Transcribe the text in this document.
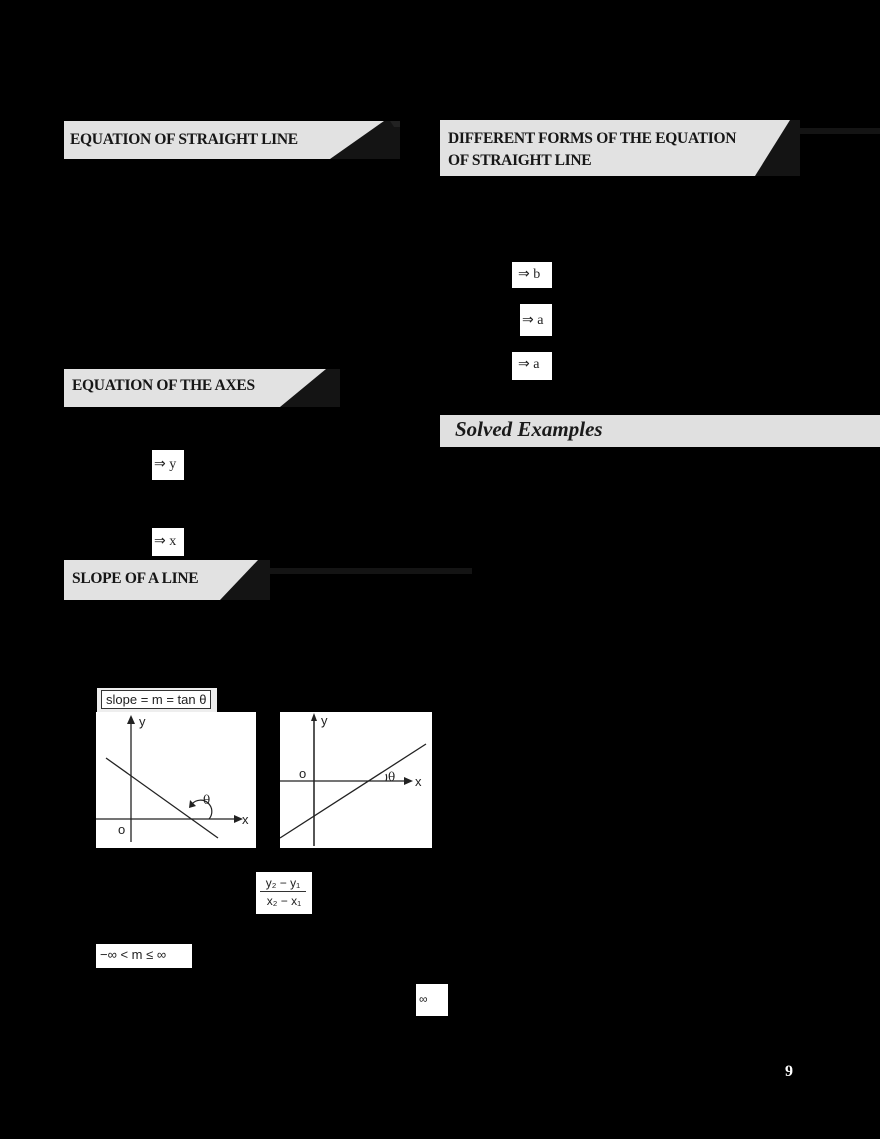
EQUATION OF STRAIGHT LINE	DIFFERENT FORMS OF THE EQUATION
OF STRAIGHT LINE
⇒ b
⇒ a
⇒ a
Solved Examples
EQUATION OF THE AXES
⇒ y
⇒ x
SLOPE OF A LINE
slope = m = tan θ
y
x
o
θ
y
x
o	θ
$\frac{\text{y₂ − y₁}}{\text{x₂ − x₁}}$
−∞ < m ≤ ∞
∞
9
